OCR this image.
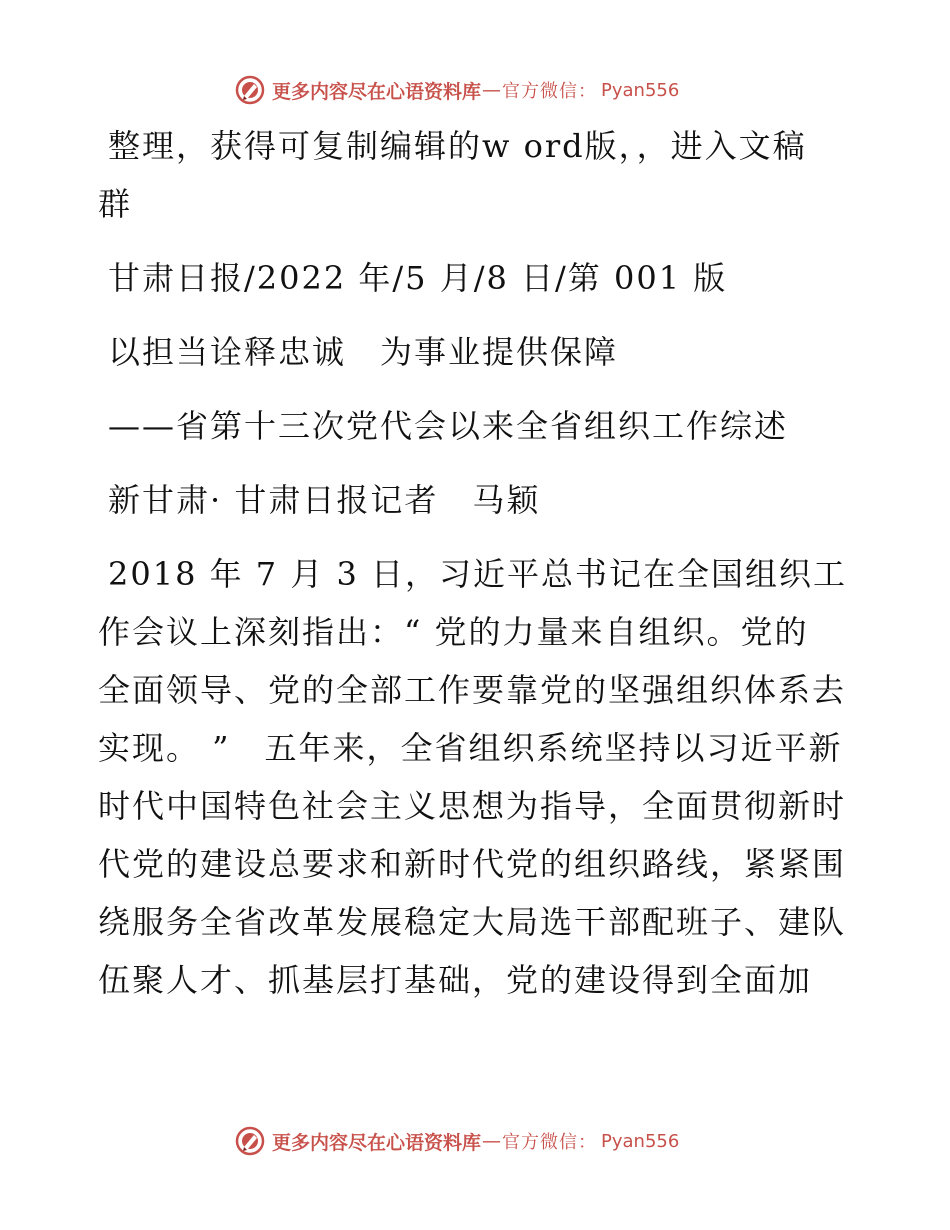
更多内容尽在心语资料库 — 官方微信： Pyan556
整理，获得可复制编辑的w ord版，，进入文稿
群
甘肃日报/2022 年/5 月/8 日/第 001 版
以担当诠释忠诚　为事业提供保障
——省第十三次党代会以来全省组织工作综述
新甘肃· 甘肃日报记者　马颖
2018 年 7 月 3 日，习近平总书记在全国组织工
作会议上深刻指出：“ 党的力量来自组织。党的
全面领导、党的全部工作要靠党的坚强组织体系去
实现。 ”　五年来，全省组织系统坚持以习近平新
时代中国特色社会主义思想为指导，全面贯彻新时
代党的建设总要求和新时代党的组织路线，紧紧围
绕服务全省改革发展稳定大局选干部配班子、建队
伍聚人才、抓基层打基础，党的建设得到全面加
更多内容尽在心语资料库 — 官方微信： Pyan556
